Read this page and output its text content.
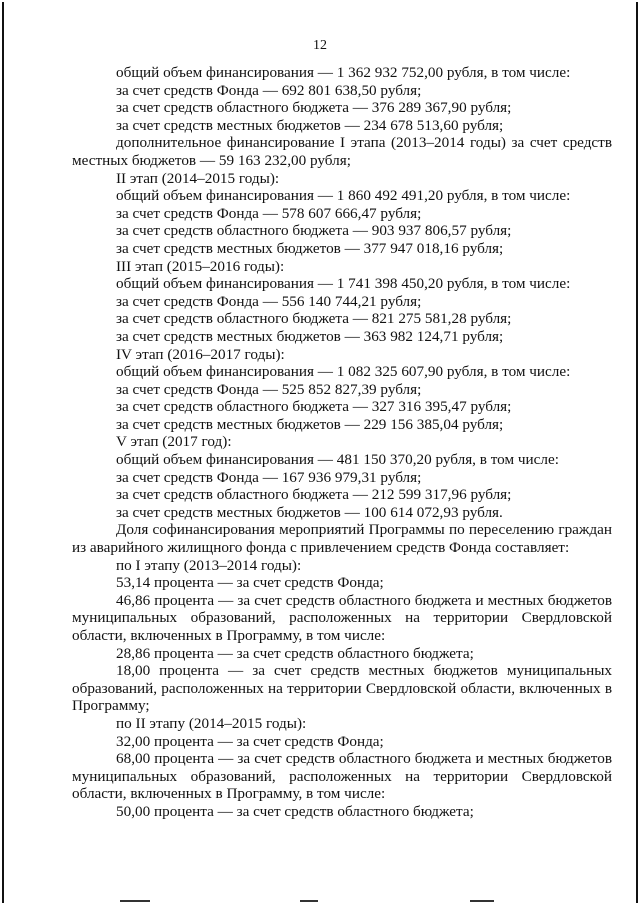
12
общий объем финансирования — 1 362 932 752,00 рубля, в том числе:
за счет средств Фонда — 692 801 638,50 рубля;
за счет средств областного бюджета — 376 289 367,90 рубля;
за счет средств местных бюджетов — 234 678 513,60 рубля;

дополнительное финансирование I этапа (2013–2014 годы) за счет средств местных бюджетов — 59 163 232,00 рубля;

II этап (2014–2015 годы):
общий объем финансирования — 1 860 492 491,20 рубля, в том числе:
за счет средств Фонда — 578 607 666,47 рубля;
за счет средств областного бюджета — 903 937 806,57 рубля;
за счет средств местных бюджетов — 377 947 018,16 рубля;
III этап (2015–2016 годы):
общий объем финансирования — 1 741 398 450,20 рубля, в том числе:
за счет средств Фонда — 556 140 744,21 рубля;
за счет средств областного бюджета — 821 275 581,28 рубля;
за счет средств местных бюджетов — 363 982 124,71 рубля;
IV этап (2016–2017 годы):
общий объем финансирования — 1 082 325 607,90 рубля, в том числе:
за счет средств Фонда — 525 852 827,39 рубля;
за счет средств областного бюджета — 327 316 395,47 рубля;
за счет средств местных бюджетов — 229 156 385,04 рубля;
V этап (2017 год):
общий объем финансирования — 481 150 370,20 рубля, в том числе:
за счет средств Фонда — 167 936 979,31 рубля;
за счет средств областного бюджета — 212 599 317,96 рубля;
за счет средств местных бюджетов — 100 614 072,93 рубля.

Доля софинансирования мероприятий Программы по переселению граждан из аварийного жилищного фонда с привлечением средств Фонда составляет:

по I этапу (2013–2014 годы):
53,14 процента — за счет средств Фонда;

46,86 процента — за счет средств областного бюджета и местных бюджетов муниципальных образований, расположенных на территории Свердловской области, включенных в Программу, в том числе:

28,86 процента — за счет средств областного бюджета;

18,00 процента — за счет средств местных бюджетов муниципальных образований, расположенных на территории Свердловской области, включенных в Программу;

по II этапу (2014–2015 годы):
32,00 процента — за счет средств Фонда;

68,00 процента — за счет средств областного бюджета и местных бюджетов муниципальных образований, расположенных на территории Свердловской области, включенных в Программу, в том числе:

50,00 процента — за счет средств областного бюджета;
